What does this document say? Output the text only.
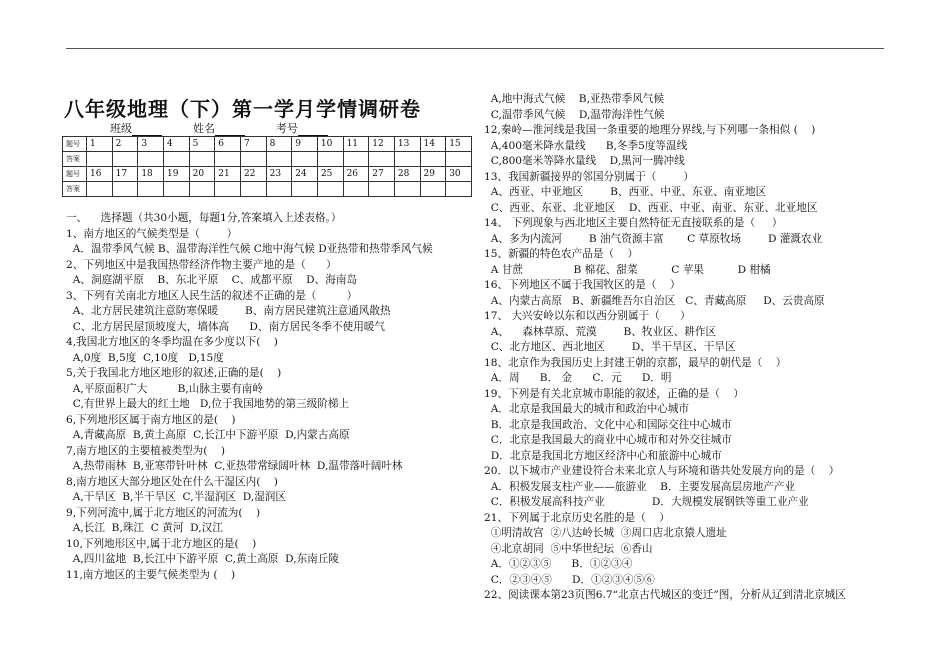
八年级地理（下）第一学月学情调研卷
班级	姓名	考号
题号	1	2	3	4	5	6	7	8	9	10	11	12	13	14	15
答案															
题号	16	17	18	19	20	21	22	23	24	25	26	27	28	29	30
答案															
一、    选择题（共30小题，每题1分,答案填入上述表格。）
1、南方地区的气候类型是（        ）
A．温带季风气候 B、温带海洋性气候 C地中海气候 D亚热带和热带季风气候
2、下列地区中是我国热带经济作物主要产地的是（      ）
A、洞庭湖平原    B、东北平原    C、成都平原    D、海南岛
3、下列有关南北方地区人民生活的叙述不正确的是（         ）
A、北方居民建筑注意防寒保暖        B、南方居民建筑注意通风散热
C、北方居民屋顶坡度大，墙体高      D、南方居民冬季不使用暖气
4,我国北方地区的冬季均温在多少度以下(    )
A,0度  B,5度  C,10度   D,15度
5,关于我国北方地区地形的叙述,正确的是(    )
A,平原面积广大         B,山脉主要有南岭
C,有世界上最大的红土地   D,位于我国地势的第三级阶梯上
6,下列地形区属于南方地区的是(    )
A,青藏高原  B,黄土高原  C,长江中下游平原  D,内蒙古高原
7,南方地区的主要植被类型为(    )
A,热带雨林  B,亚寒带针叶林  C,亚热带常绿阔叶林  D,温带落叶阔叶林
8,南方地区大部分地区处在什么干湿区内(    )
A,干旱区  B,半干旱区  C,半湿润区  D,湿润区
9,下列河流中,属于北方地区的河流为(    )
A,长江  B,珠江  C 黄河  D,汉江
10,下列地形区中,属于北方地区的是(    )
A,四川盆地  B,长江中下游平原  C,黄土高原  D,东南丘陵
11,南方地区的主要气候类型为 (    )
A,地中海式气候    B,亚热带季风气候
C,温带季风气候    D,温带海洋性气候
12,秦岭—淮河线是我国一条重要的地理分界线,与下列哪一条相似 (    )
A,400毫米降水量线      B,冬季5度等温线
C,800毫米等降水量线    D,黑河一腾冲线
13、我国新疆接界的邻国分别属于（        ）
A、西亚、中亚地区        B、西亚、中亚、东亚、南亚地区
C、西亚、东亚、北亚地区    D、西亚、中亚、南亚、东亚、北亚地区
14、 下列现象与西北地区主要自然特征无直接联系的是（     ）
A、多为内流河        B 油气资源丰富       C 草原牧场        D 灌溉农业
15、新疆的特色农产品是（    ）
A 甘蔗               B 棉花、甜菜          C 苹果          D 柑橘
16、下列地区不属于我国牧区的是（    ）
A、内蒙古高原   B、新疆维吾尔自治区   C、青藏高原     D、云贵高原
17、 大兴安岭以东和以西分别属于（      ）
A、    森林草原、荒漠        B、牧业区、耕作区
C、北方地区、西北地区        D、半干旱区、干旱区
18、北京作为我国历史上封建王朝的京都，最早的朝代是（    ）
A．周      B． 金      C．元      D．明
19、下列是有关北京城市职能的叙述，正确的是（    ）
A．北京是我国最大的城市和政治中心城市
B．北京是我国政治、文化中心和国际交往中心城市
C．北京是我国最大的商业中心城市和对外交往城市
D．北京是我国北方地区经济中心和旅游中心城市
20．以下城市产业建设符合未来北京人与环境和谐共处发展方向的是（    ）
A．积极发展支柱产业——旅游业    B．主要发展高层房地产产业
C．积极发展高科技产业              D．大规模发展钢铁等重工业产业
21、下列属于北京历史名胜的是（    ）
①明清故宫  ②八达岭长城  ③周口店北京猿人遗址
④北京胡同  ⑤中华世纪坛  ⑥香山
A．①②③⑤      B．①②③④
C．②③④⑤      D．①②③④⑤⑥
22、阅读课本第23页图6.7“北京古代城区的变迁”图，分析从辽到清北京城区
